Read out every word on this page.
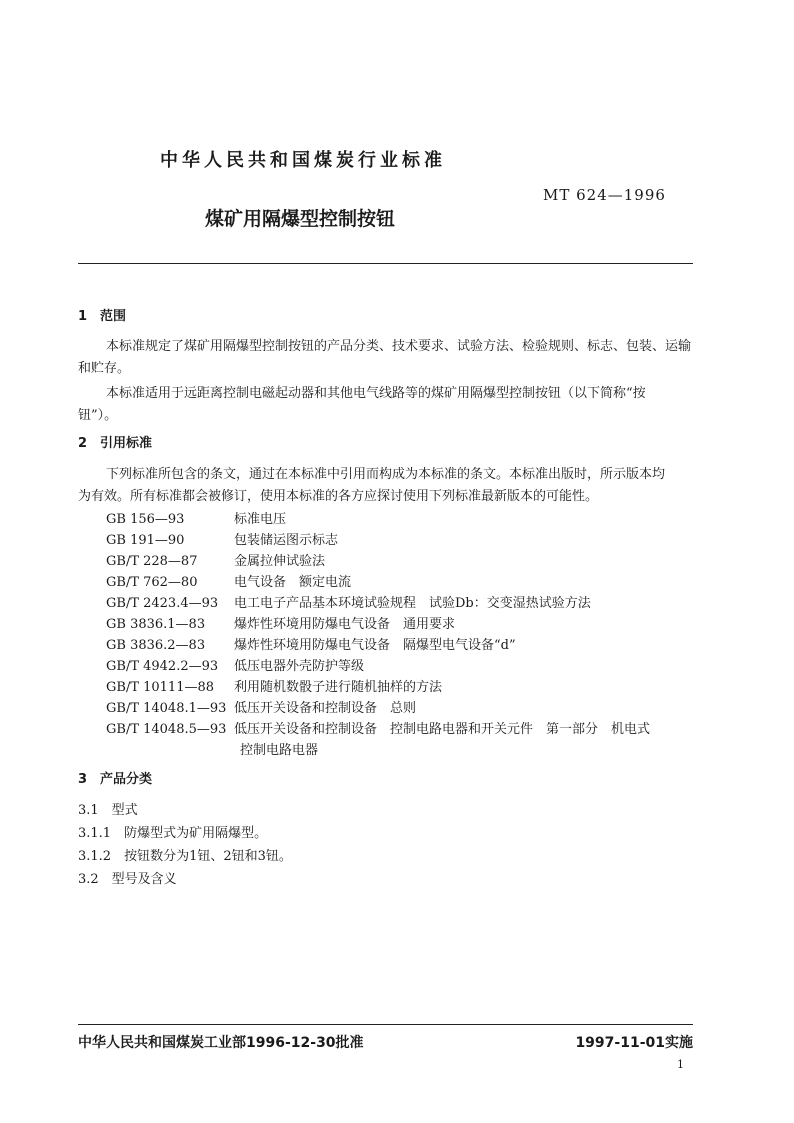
中华人民共和国煤炭行业标准
MT 624—1996
煤矿用隔爆型控制按钮
1　范围
本标准规定了煤矿用隔爆型控制按钮的产品分类、技术要求、试验方法、检验规则、标志、包装、运输
和贮存。
本标准适用于远距离控制电磁起动器和其他电气线路等的煤矿用隔爆型控制按钮（以下简称“按
钮”）。
2　引用标准
下列标准所包含的条文，通过在本标准中引用而构成为本标准的条文。本标准出版时，所示版本均
为有效。所有标准都会被修订，使用本标准的各方应探讨使用下列标准最新版本的可能性。
GB 156—93	标准电压
GB 191—90	包装储运图示标志
GB/T 228—87	金属拉伸试验法
GB/T 762—80	电气设备　额定电流
GB/T 2423.4—93 电工电子产品基本环境试验规程　试验Db：交变湿热试验方法
GB 3836.1—83 爆炸性环境用防爆电气设备　通用要求
GB 3836.2—83 爆炸性环境用防爆电气设备　隔爆型电气设备“d”
GB/T 4942.2—93 低压电器外壳防护等级
GB/T 10111—88 利用随机数骰子进行随机抽样的方法
GB/T 14048.1—93 低压开关设备和控制设备　总则
GB/T 14048.5—93 低压开关设备和控制设备　控制电路电器和开关元件　第一部分　机电式
控制电路电器
3　产品分类
3.1　型式
3.1.1　防爆型式为矿用隔爆型。
3.1.2　按钮数分为1钮、2钮和3钮。
3.2　型号及含义
中华人民共和国煤炭工业部1996-12-30批准	1997-11-01实施
1
